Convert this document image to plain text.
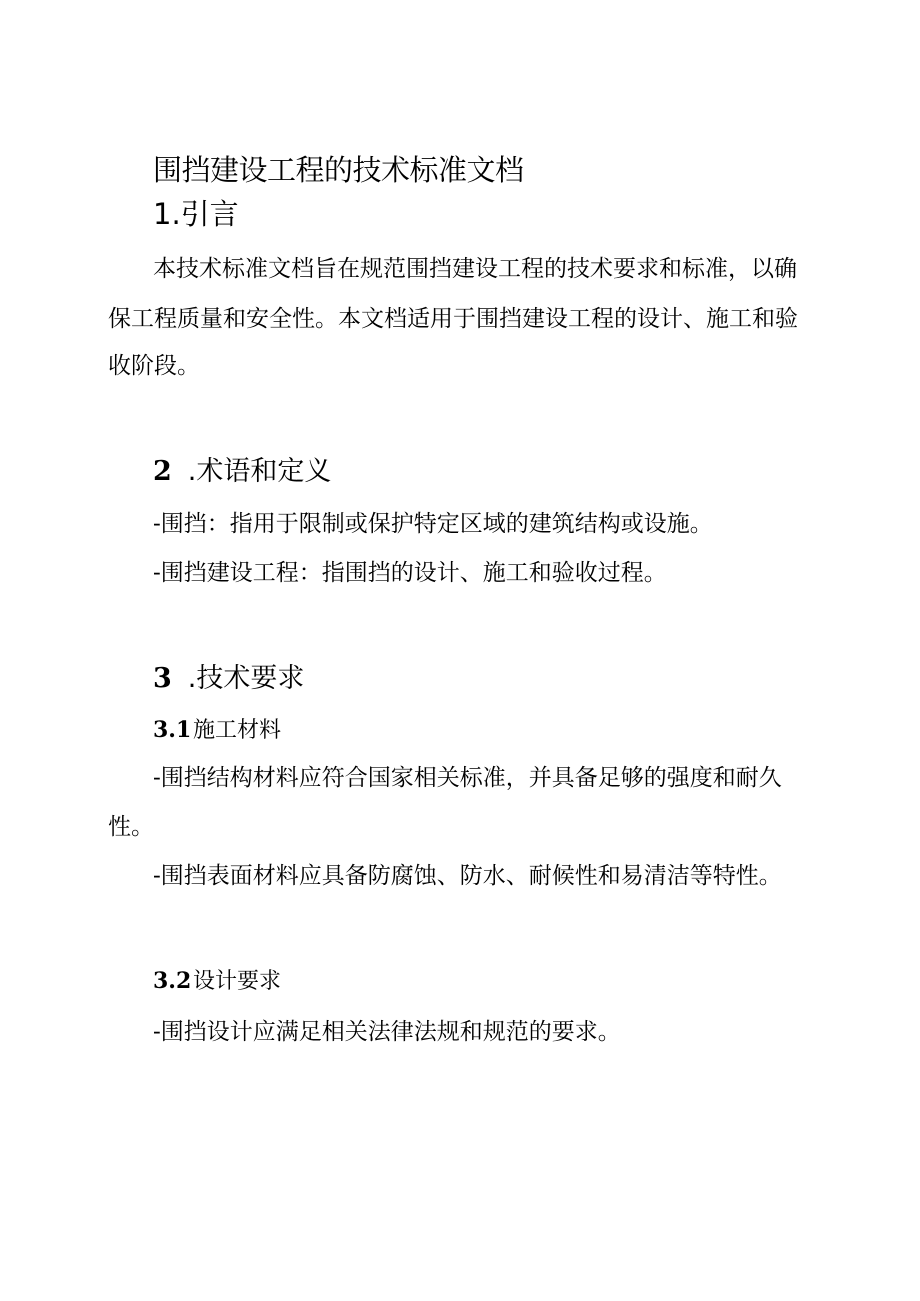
围挡建设工程的技术标准文档
1.引言
本技术标准文档旨在规范围挡建设工程的技术要求和标准，以确
保工程质量和安全性。本文档适用于围挡建设工程的设计、施工和验
收阶段。
2 .术语和定义
-围挡：指用于限制或保护特定区域的建筑结构或设施。
-围挡建设工程：指围挡的设计、施工和验收过程。
3 .技术要求
3.1施工材料
-围挡结构材料应符合国家相关标准，并具备足够的强度和耐久
性。
-围挡表面材料应具备防腐蚀、防水、耐候性和易清洁等特性。
3.2设计要求
-围挡设计应满足相关法律法规和规范的要求。
